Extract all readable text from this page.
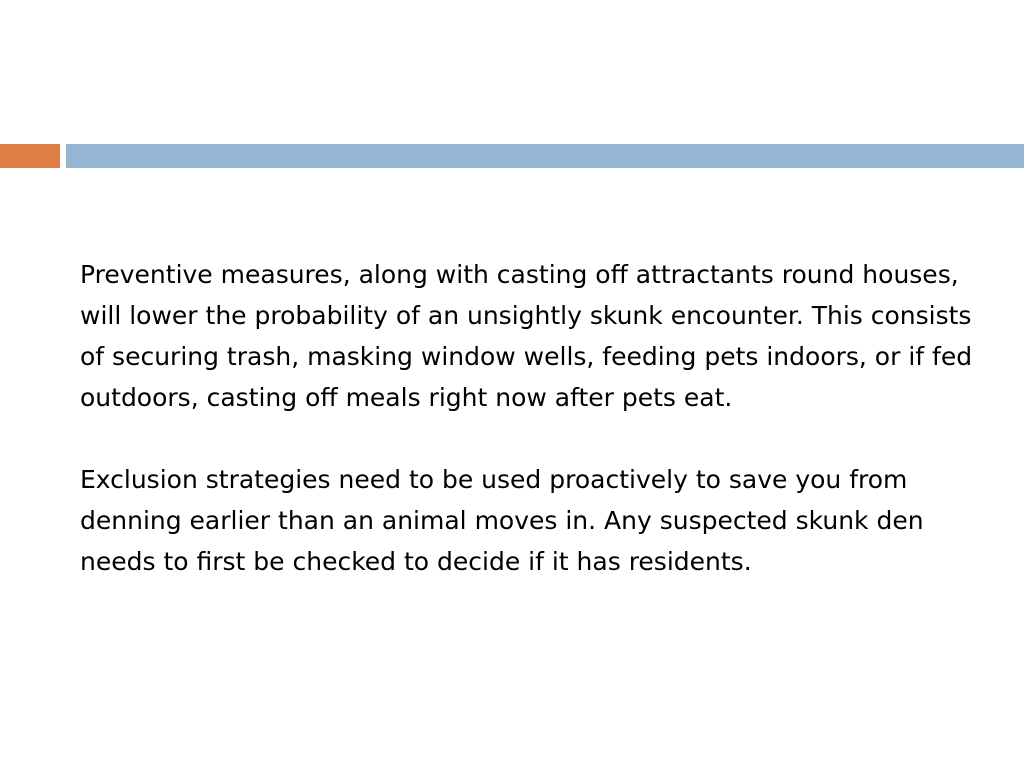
Preventive measures, along with casting off attractants round houses, will lower the probability of an unsightly skunk encounter. This consists of securing trash, masking window wells, feeding pets indoors, or if fed outdoors, casting off meals right now after pets eat.

Exclusion strategies need to be used proactively to save you from denning earlier than an animal moves in. Any suspected skunk den needs to first be checked to decide if it has residents.
